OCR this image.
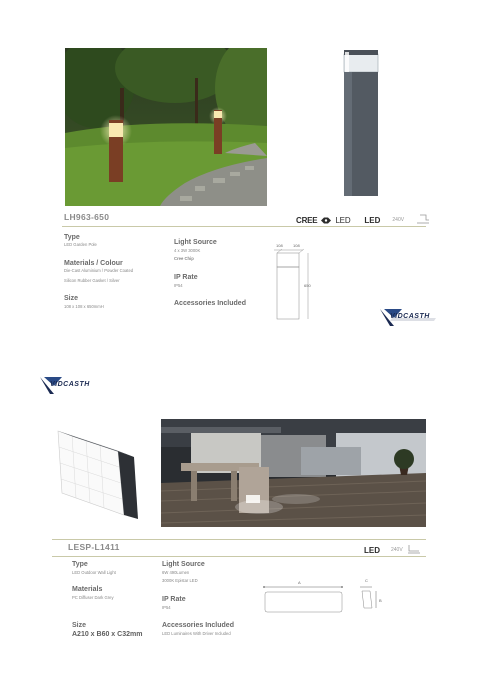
LH963-650	CREE LED LED 240V
Type
LED Garden Pole
Materials / Colour
Die-Cast Aluminium / Powder Coated
Silicon Rubber Gasket / Silver
Size
108 x 108 x 650mmH
Light Source
4 x 3W 3000K
Cree Chip
IP Rate
IP54
Accessories Included
108	108
650
VIDCASTH
VIDCASTH
LESP-L1411	LED 240V
Type
LED Outdoor Wall Light
Materials
PC Diffuser Dark Grey
Size
A210 x B60 x C32mm
Light Source
6W 490Lumen
3000K Epistar LED
IP Rate
IP54
Accessories Included
LED Luminaires With Driver Included
A	C
B
